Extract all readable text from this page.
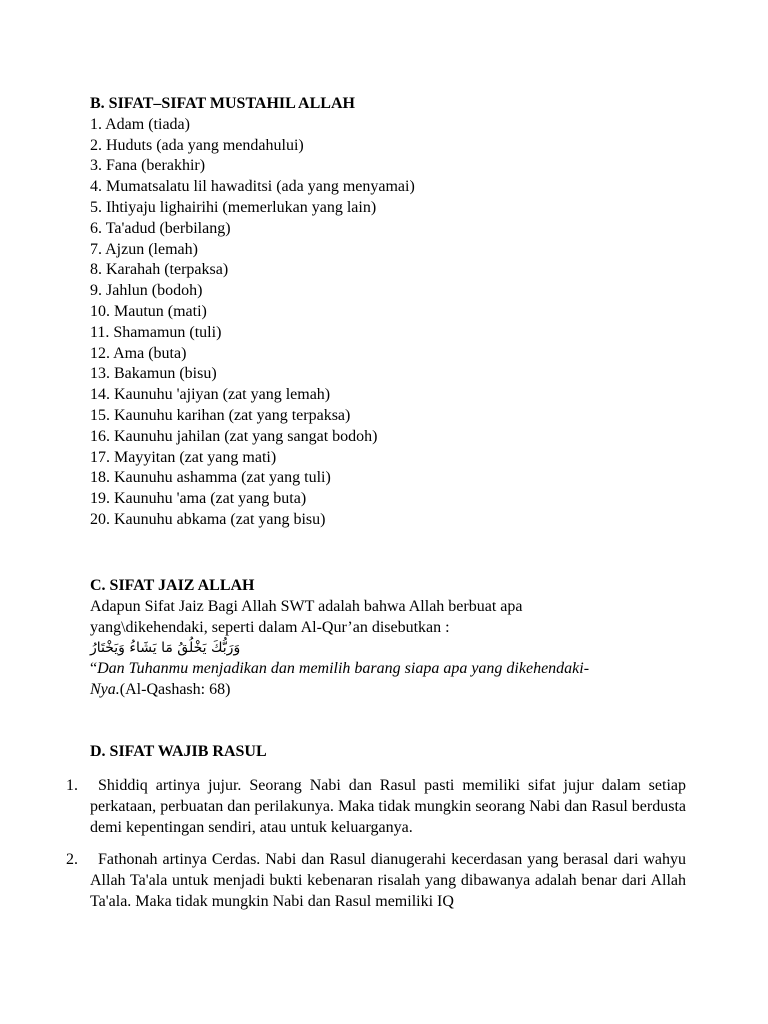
B. SIFAT–SIFAT MUSTAHIL ALLAH
1. Adam (tiada)
2. Huduts (ada yang mendahului)
3. Fana (berakhir)
4. Mumatsalatu lil hawaditsi (ada yang menyamai)
5. Ihtiyaju lighairihi (memerlukan yang lain)
6. Ta'adud (berbilang)
7. Ajzun (lemah)
8. Karahah (terpaksa)
9. Jahlun (bodoh)
10. Mautun (mati)
11. Shamamun (tuli)
12. Ama (buta)
13. Bakamun (bisu)
14. Kaunuhu 'ajiyan (zat yang lemah)
15. Kaunuhu karihan (zat yang terpaksa)
16. Kaunuhu jahilan (zat yang sangat bodoh)
17. Mayyitan (zat yang mati)
18. Kaunuhu ashamma (zat yang tuli)
19. Kaunuhu 'ama (zat yang buta)
20. Kaunuhu abkama (zat yang bisu)
C. SIFAT JAIZ ALLAH
Adapun Sifat Jaiz Bagi Allah SWT adalah bahwa Allah berbuat apa
yang\dikehendaki, seperti dalam Al-Qur’an disebutkan :
وَرَبُّكَ يَخْلُقُ مَا يَشَاءُ وَيَخْتَارُ
“Dan Tuhanmu menjadikan dan memilih barang siapa apa yang dikehendaki-
Nya.(Al-Qashash: 68)
D. SIFAT WAJIB RASUL
1.	Shiddiq artinya jujur. Seorang Nabi dan Rasul pasti memiliki sifat jujur dalam setiap perkataan, perbuatan dan perilakunya. Maka tidak mungkin seorang Nabi dan Rasul berdusta demi kepentingan sendiri, atau untuk keluarganya.
2.	Fathonah artinya Cerdas. Nabi dan Rasul dianugerahi kecerdasan yang berasal dari wahyu Allah Ta'ala untuk menjadi bukti kebenaran risalah yang dibawanya adalah benar dari Allah Ta'ala. Maka tidak mungkin Nabi dan Rasul memiliki IQ
